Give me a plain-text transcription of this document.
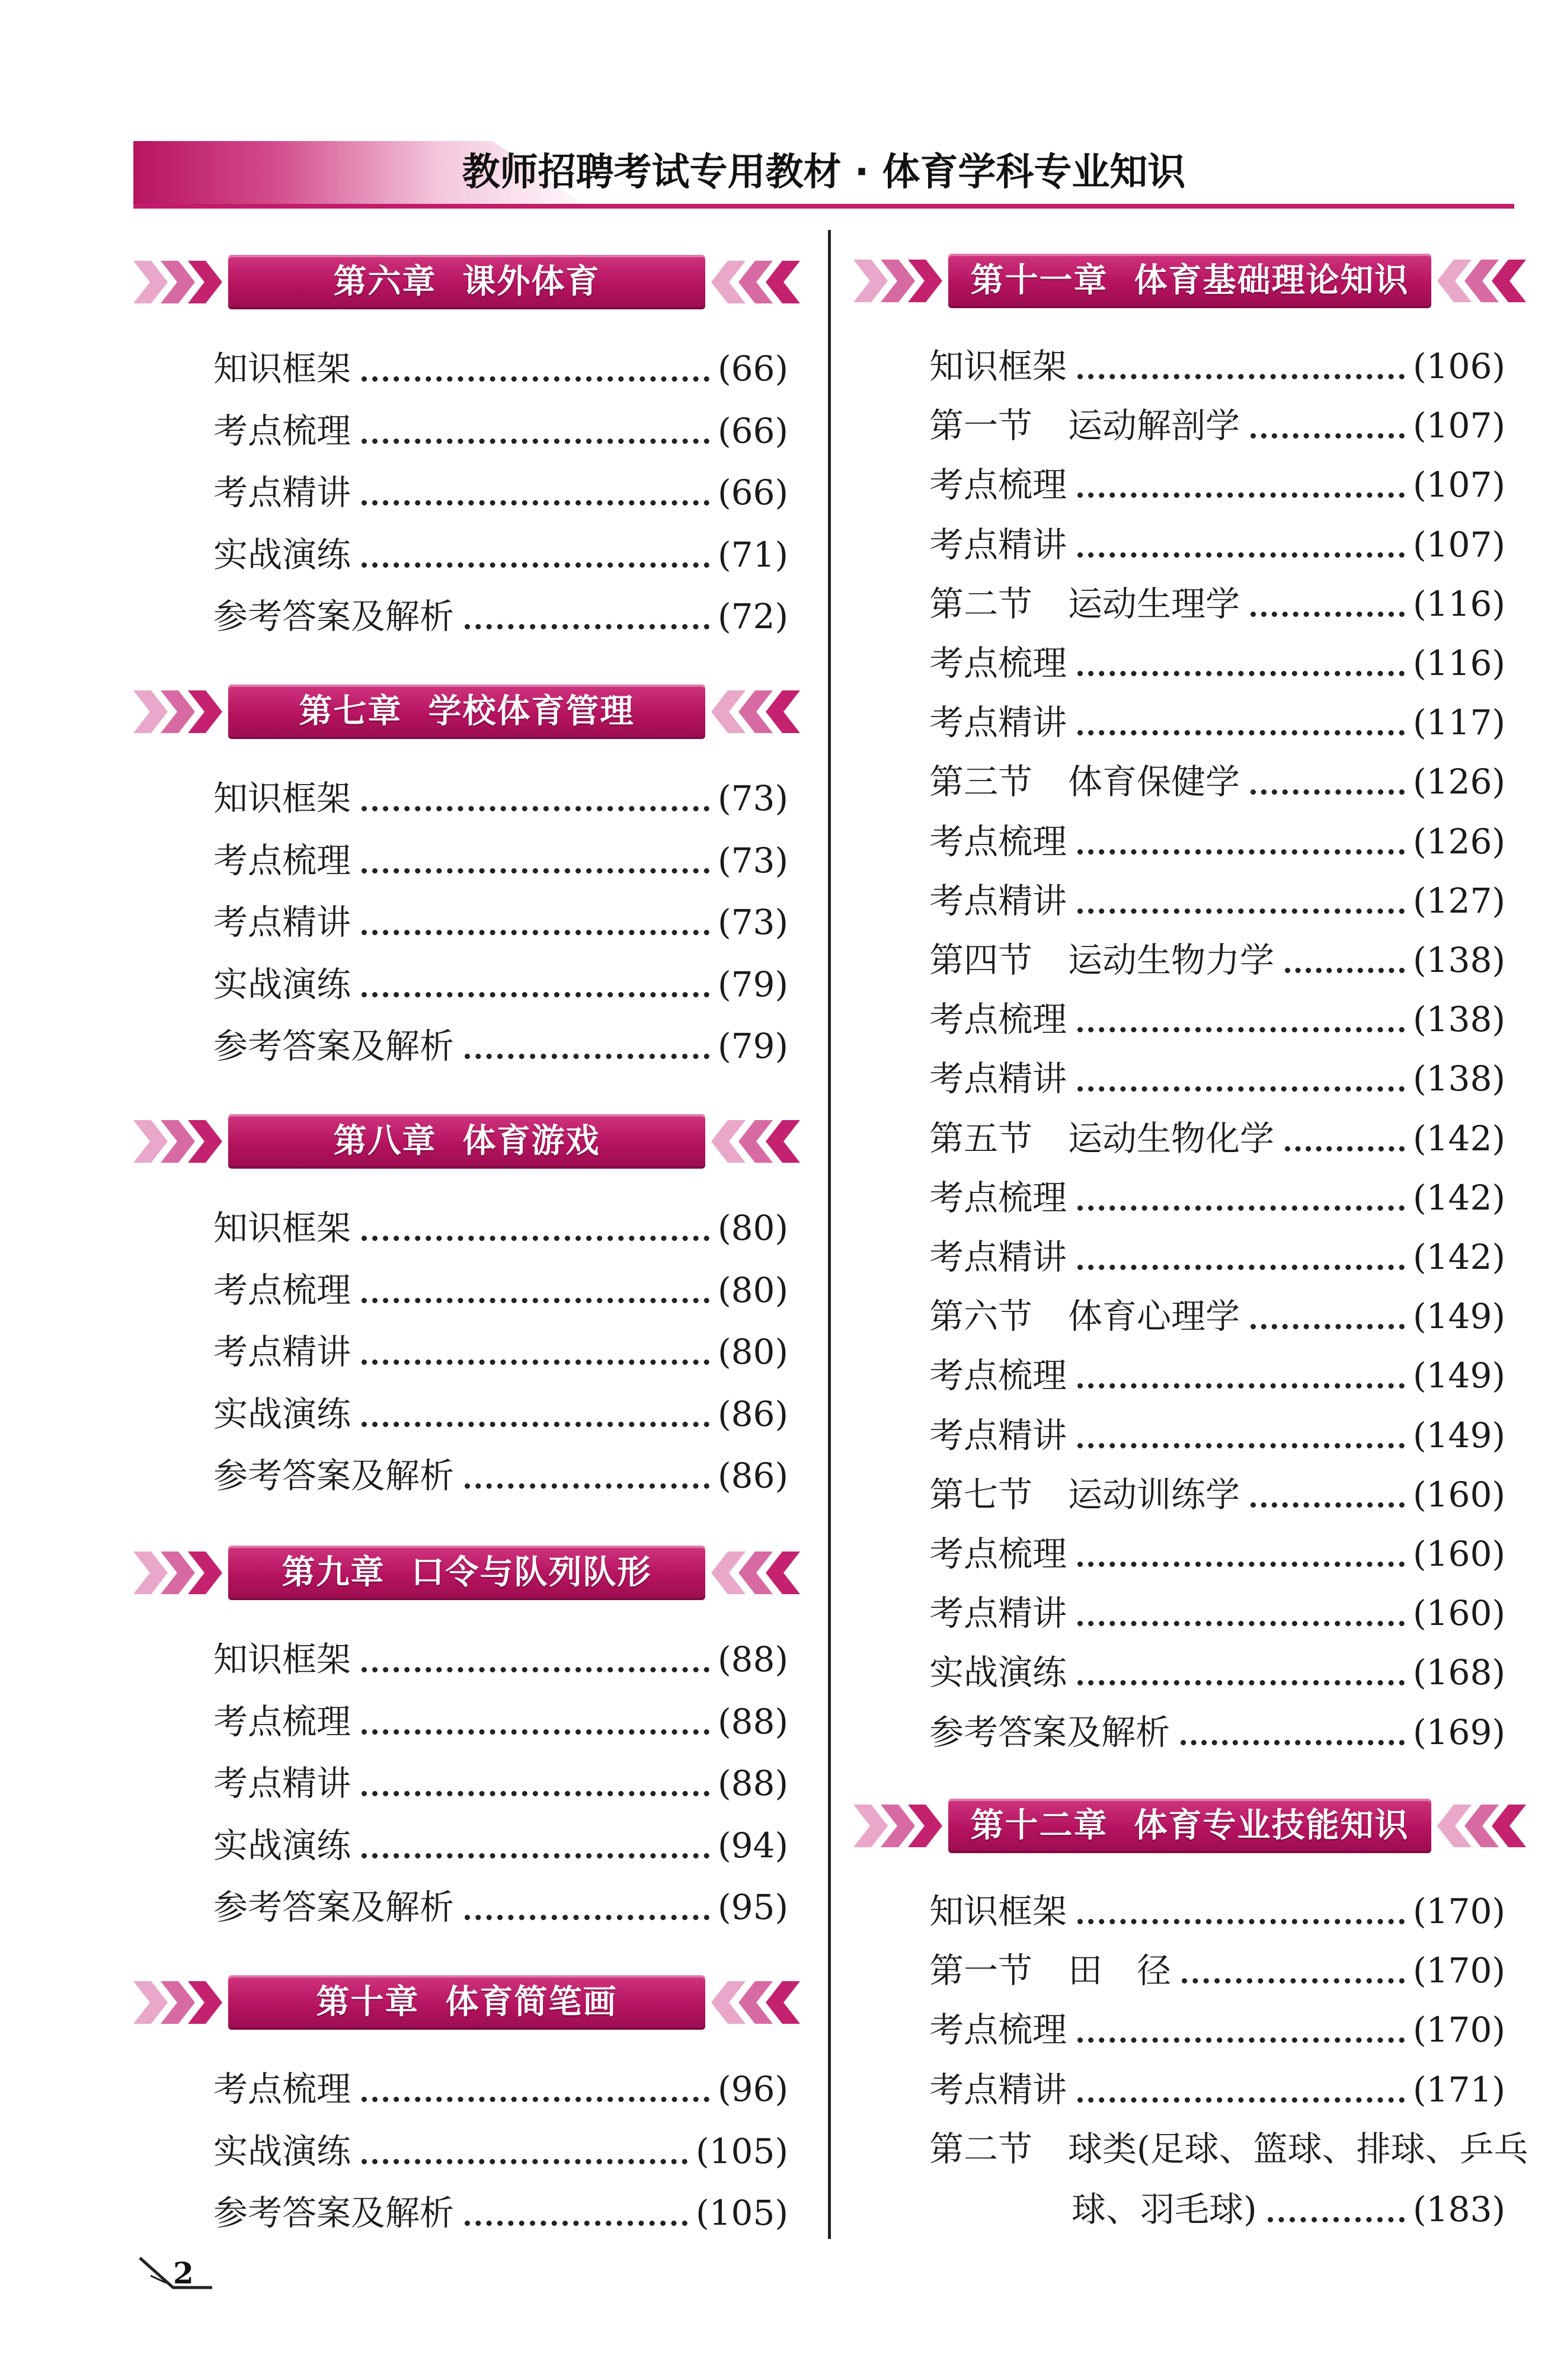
教师招聘考试专用教材 · 体育学科专业知识
第六章 课外体育
知识框架	(66)
考点梳理	(66)
考点精讲	(66)
实战演练	(71)
参考答案及解析	(72)
第七章 学校体育管理
知识框架	(73)
考点梳理	(73)
考点精讲	(73)
实战演练	(79)
参考答案及解析	(79)
第八章 体育游戏
知识框架	(80)
考点梳理	(80)
考点精讲	(80)
实战演练	(86)
参考答案及解析	(86)
第九章 口令与队列队形
知识框架	(88)
考点梳理	(88)
考点精讲	(88)
实战演练	(94)
参考答案及解析	(95)
第十章 体育简笔画
考点梳理	(96)
实战演练	(105)
参考答案及解析	(105)
第十一章 体育基础理论知识
知识框架	(106)
第一节 运动解剖学	(107)
考点梳理	(107)
考点精讲	(107)
第二节 运动生理学	(116)
考点梳理	(116)
考点精讲	(117)
第三节 体育保健学	(126)
考点梳理	(126)
考点精讲	(127)
第四节 运动生物力学	(138)
考点梳理	(138)
考点精讲	(138)
第五节 运动生物化学	(142)
考点梳理	(142)
考点精讲	(142)
第六节 体育心理学	(149)
考点梳理	(149)
考点精讲	(149)
第七节 运动训练学	(160)
考点梳理	(160)
考点精讲	(160)
实战演练	(168)
参考答案及解析	(169)
第十二章 体育专业技能知识
知识框架	(170)
第一节 田　径	(170)
考点梳理	(170)
考点精讲	(171)
第二节 球类(足球、篮球、排球、乒乓
球、羽毛球)	(183)
2
